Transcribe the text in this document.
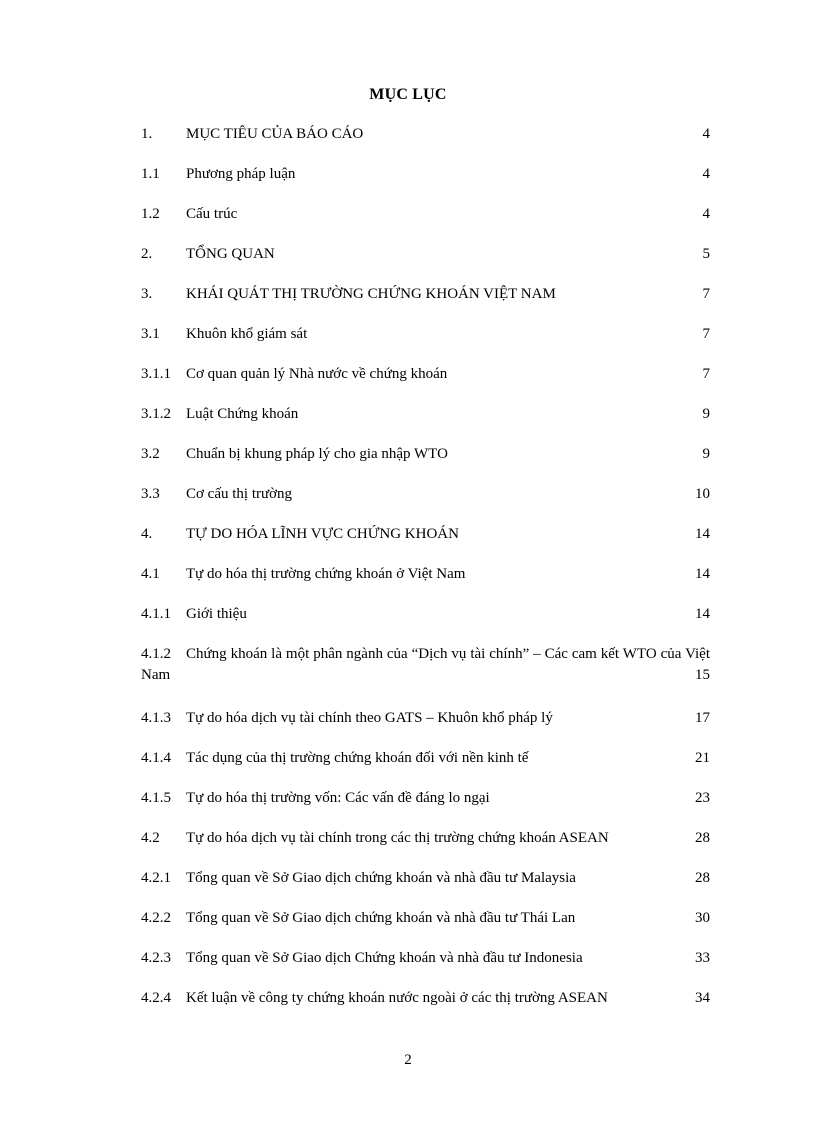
MỤC LỤC
1. MỤC TIÊU CỦA BÁO CÁO	4
1.1 Phương pháp luận	4
1.2 Cấu trúc	4
2. TỔNG QUAN	5
3. KHÁI QUÁT THỊ TRƯỜNG CHỨNG KHOÁN VIỆT NAM	7
3.1 Khuôn khổ giám sát	7
3.1.1 Cơ quan quản lý Nhà nước về chứng khoán	7
3.1.2 Luật Chứng khoán	9
3.2 Chuẩn bị khung pháp lý cho gia nhập WTO	9
3.3 Cơ cấu thị trường	10
4. TỰ DO HÓA LĨNH VỰC CHỨNG KHOÁN	14
4.1 Tự do hóa thị trường chứng khoán ở Việt Nam	14
4.1.1 Giới thiệu	14
4.1.2 Chứng khoán là một phân ngành của “Dịch vụ tài chính” – Các cam kết WTO của Việt
Nam	15
4.1.3 Tự do hóa dịch vụ tài chính theo GATS – Khuôn khổ pháp lý	17
4.1.4 Tác dụng của thị trường chứng khoán đối với nền kinh tế	21
4.1.5 Tự do hóa thị trường vốn: Các vấn đề đáng lo ngại	23
4.2 Tự do hóa dịch vụ tài chính trong các thị trường chứng khoán ASEAN	28
4.2.1 Tổng quan về Sở Giao dịch chứng khoán và nhà đầu tư Malaysia	28
4.2.2 Tổng quan về Sở Giao dịch chứng khoán và nhà đầu tư Thái Lan	30
4.2.3 Tổng quan về Sở Giao dịch Chứng khoán và nhà đầu tư Indonesia	33
4.2.4 Kết luận về công ty chứng khoán nước ngoài ở các thị trường ASEAN	34
2
